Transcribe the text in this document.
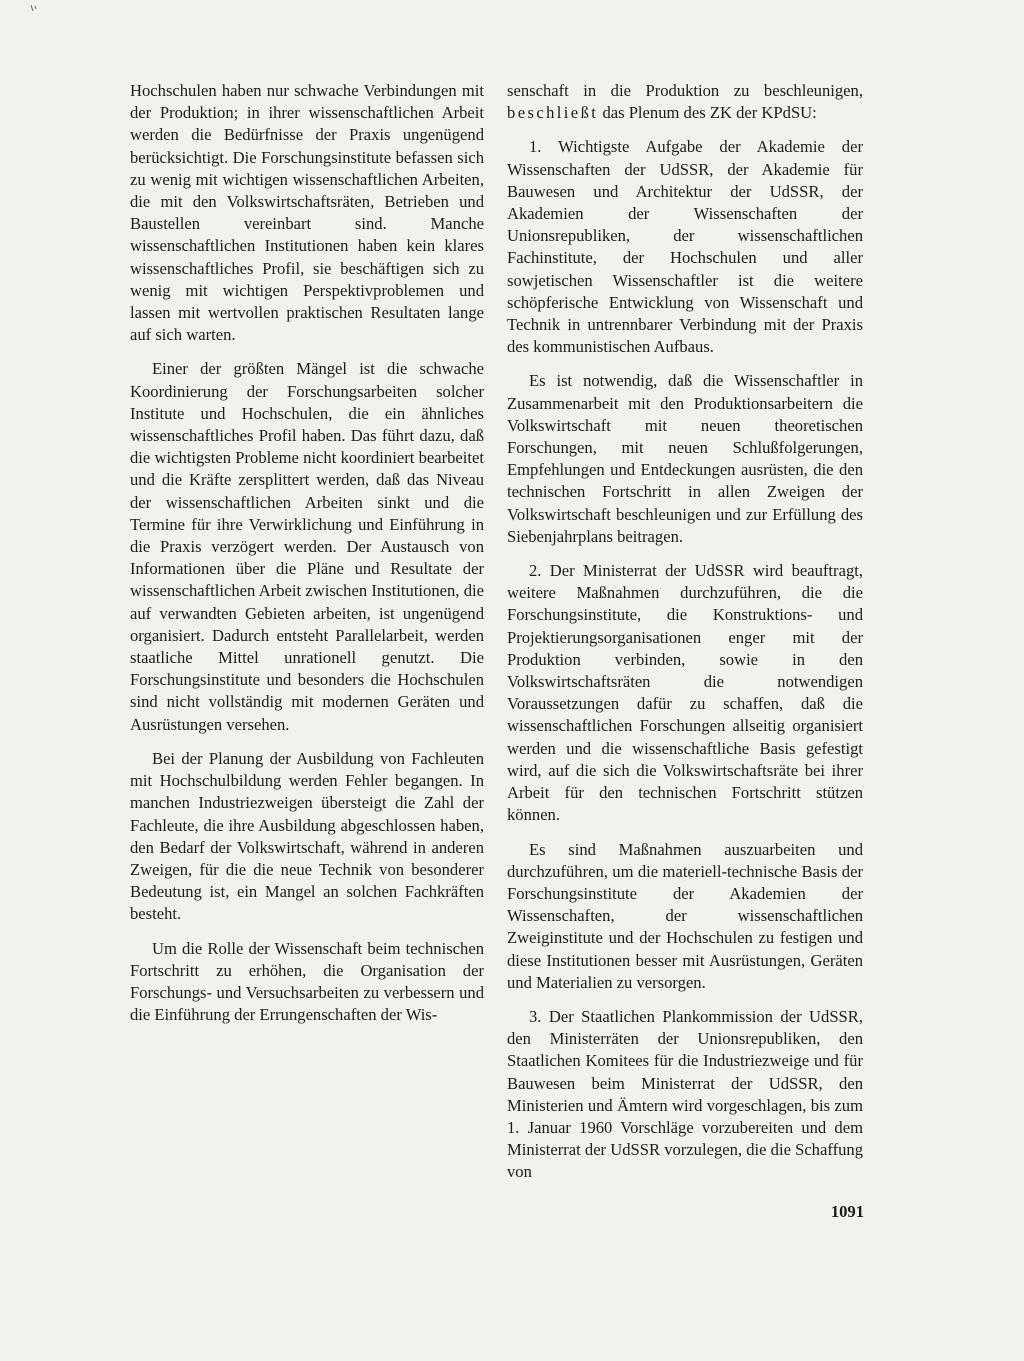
Hochschulen haben nur schwache Verbindungen mit der Produktion; in ihrer wissenschaftlichen Arbeit werden die Bedürfnisse der Praxis ungenügend berücksichtigt. Die Forschungsinstitute befassen sich zu wenig mit wichtigen wissenschaftlichen Arbeiten, die mit den Volkswirtschaftsräten, Betrieben und Baustellen vereinbart sind. Manche wissenschaftlichen Institutionen haben kein klares wissenschaftliches Profil, sie beschäftigen sich zu wenig mit wichtigen Perspektivproblemen und lassen mit wertvollen praktischen Resultaten lange auf sich warten.

Einer der größten Mängel ist die schwache Koordinierung der Forschungsarbeiten solcher Institute und Hochschulen, die ein ähnliches wissenschaftliches Profil haben. Das führt dazu, daß die wichtigsten Probleme nicht koordiniert bearbeitet und die Kräfte zersplittert werden, daß das Niveau der wissenschaftlichen Arbeiten sinkt und die Termine für ihre Verwirklichung und Einführung in die Praxis verzögert werden. Der Austausch von Informationen über die Pläne und Resultate der wissenschaftlichen Arbeit zwischen Institutionen, die auf verwandten Gebieten arbeiten, ist ungenügend organisiert. Dadurch entsteht Parallelarbeit, werden staatliche Mittel unrationell genutzt. Die Forschungsinstitute und besonders die Hochschulen sind nicht vollständig mit modernen Geräten und Ausrüstungen versehen.

Bei der Planung der Ausbildung von Fachleuten mit Hochschulbildung werden Fehler begangen. In manchen Industriezweigen übersteigt die Zahl der Fachleute, die ihre Ausbildung abgeschlossen haben, den Bedarf der Volkswirtschaft, während in anderen Zweigen, für die die neue Technik von besonderer Bedeutung ist, ein Mangel an solchen Fachkräften besteht.

Um die Rolle der Wissenschaft beim technischen Fortschritt zu erhöhen, die Organisation der Forschungs- und Versuchsarbeiten zu verbessern und die Einführung der Errungenschaften der Wis-

senschaft in die Produktion zu beschleunigen, beschließt das Plenum des ZK der KPdSU:

1. Wichtigste Aufgabe der Akademie der Wissenschaften der UdSSR, der Akademie für Bauwesen und Architektur der UdSSR, der Akademien der Wissenschaften der Unionsrepubliken, der wissenschaftlichen Fachinstitute, der Hochschulen und aller sowjetischen Wissenschaftler ist die weitere schöpferische Entwicklung von Wissenschaft und Technik in untrennbarer Verbindung mit der Praxis des kommunistischen Aufbaus.

Es ist notwendig, daß die Wissenschaftler in Zusammenarbeit mit den Produktionsarbeitern die Volkswirtschaft mit neuen theoretischen Forschungen, mit neuen Schlußfolgerungen, Empfehlungen und Entdeckungen ausrüsten, die den technischen Fortschritt in allen Zweigen der Volkswirtschaft beschleunigen und zur Erfüllung des Siebenjahrplans beitragen.

2. Der Ministerrat der UdSSR wird beauftragt, weitere Maßnahmen durchzuführen, die die Forschungsinstitute, die Konstruktions- und Projektierungsorganisationen enger mit der Produktion verbinden, sowie in den Volkswirtschaftsräten die notwendigen Voraussetzungen dafür zu schaffen, daß die wissenschaftlichen Forschungen allseitig organisiert werden und die wissenschaftliche Basis gefestigt wird, auf die sich die Volkswirtschaftsräte bei ihrer Arbeit für den technischen Fortschritt stützen können.

Es sind Maßnahmen auszuarbeiten und durchzuführen, um die materiell-technische Basis der Forschungsinstitute der Akademien der Wissenschaften, der wissenschaftlichen Zweiginstitute und der Hochschulen zu festigen und diese Institutionen besser mit Ausrüstungen, Geräten und Materialien zu versorgen.

3. Der Staatlichen Plankommission der UdSSR, den Ministerräten der Unionsrepubliken, den Staatlichen Komitees für die Industriezweige und für Bauwesen beim Ministerrat der UdSSR, den Ministerien und Ämtern wird vorgeschlagen, bis zum 1. Januar 1960 Vorschläge vorzubereiten und dem Ministerrat der UdSSR vorzulegen, die die Schaffung von

1091
